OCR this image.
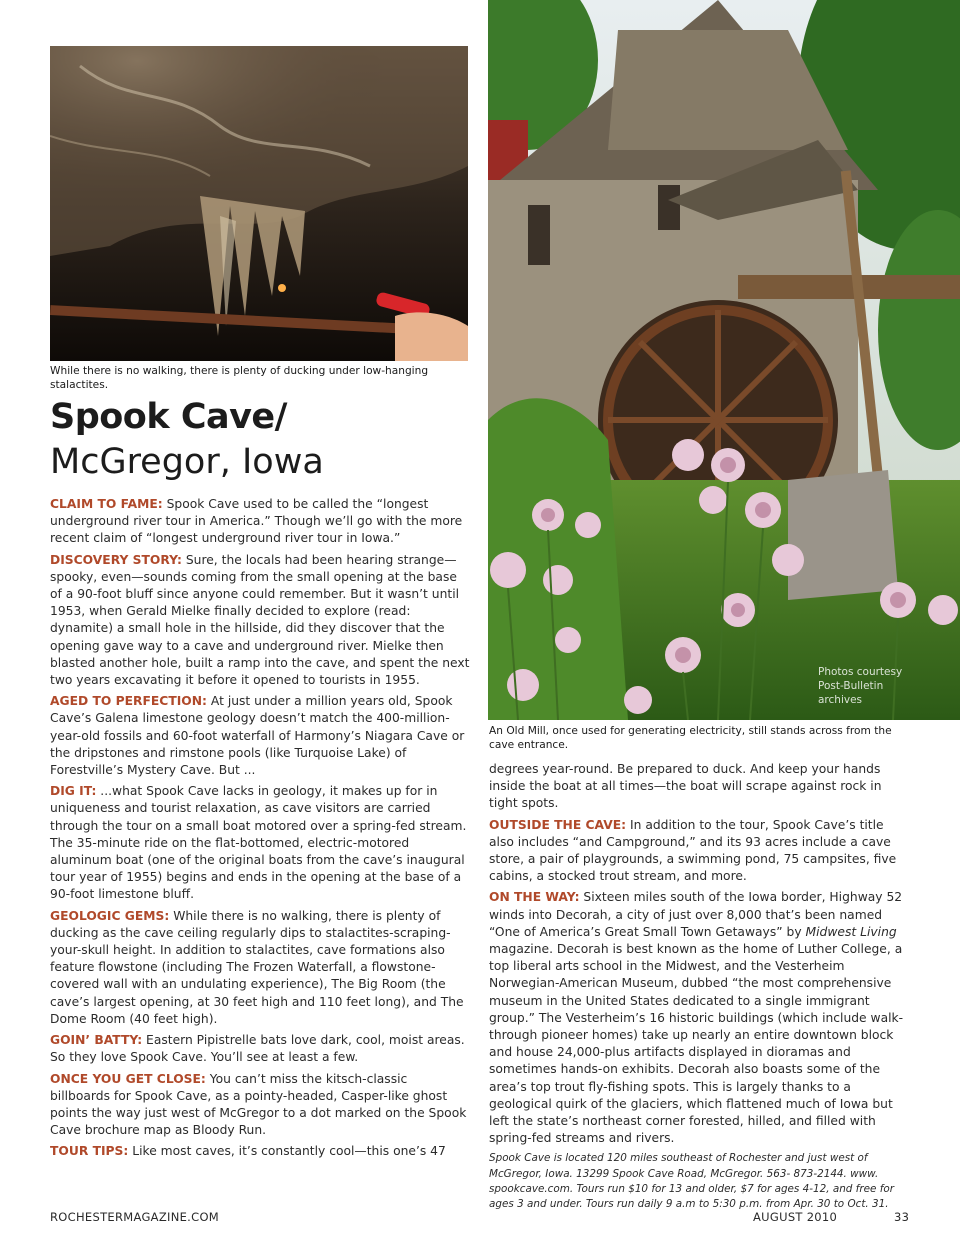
While there is no walking, there is plenty of ducking under low-hanging stalactites.
Photos courtesy
Post-Bulletin
archives
An Old Mill, once used for generating electricity, still stands across from the cave entrance.
Spook Cave/
McGregor, Iowa

CLAIM TO FAME: Spook Cave used to be called the “longest underground river tour in America.” Though we’ll go with the more recent claim of “longest underground river tour in Iowa.”

DISCOVERY STORY: Sure, the locals had been hearing strange—spooky, even—sounds coming from the small opening at the base of a 90-foot bluff since anyone could remember. But it wasn’t until 1953, when Gerald Mielke finally decided to explore (read: dynamite) a small hole in the hillside, did they discover that the opening gave way to a cave and underground river. Mielke then blasted another hole, built a ramp into the cave, and spent the next two years excavating it before it opened to tourists in 1955.

AGED TO PERFECTION: At just under a million years old, Spook Cave’s Galena limestone geology doesn’t match the 400-million-year-old fossils and 60-foot waterfall of Harmony’s Niagara Cave or the dripstones and rimstone pools (like Turquoise Lake) of Forestville’s Mystery Cave. But ...

DIG IT: ...what Spook Cave lacks in geology, it makes up for in uniqueness and tourist relaxation, as cave visitors are carried through the tour on a small boat motored over a spring-fed stream. The 35-minute ride on the flat-bottomed, electric-motored aluminum boat (one of the original boats from the cave’s inaugural tour year of 1955) begins and ends in the opening at the base of a 90-foot limestone bluff.

GEOLOGIC GEMS: While there is no walking, there is plenty of ducking as the cave ceiling regularly dips to stalactites-scraping-your-skull height. In addition to stalactites, cave formations also feature flowstone (including The Frozen Waterfall, a flowstone-covered wall with an undulating experience), The Big Room (the cave’s largest opening, at 30 feet high and 110 feet long), and The Dome Room (40 feet high).

GOIN’ BATTY: Eastern Pipistrelle bats love dark, cool, moist areas. So they love Spook Cave. You’ll see at least a few.

ONCE YOU GET CLOSE: You can’t miss the kitsch-classic billboards for Spook Cave, as a pointy-headed, Casper-like ghost points the way just west of McGregor to a dot marked on the Spook Cave brochure map as Bloody Run.

TOUR TIPS: Like most caves, it’s constantly cool—this one’s 47

degrees year-round. Be prepared to duck. And keep your hands inside the boat at all times—the boat will scrape against rock in tight spots.

OUTSIDE THE CAVE: In addition to the tour, Spook Cave’s title also includes “and Campground,” and its 93 acres include a cave store, a pair of playgrounds, a swimming pond, 75 campsites, five cabins, a stocked trout stream, and more.

ON THE WAY: Sixteen miles south of the Iowa border, Highway 52 winds into Decorah, a city of just over 8,000 that’s been named “One of America’s Great Small Town Getaways” by Midwest Living magazine. Decorah is best known as the home of Luther College, a top liberal arts school in the Midwest, and the Vesterheim Norwegian-American Museum, dubbed “the most comprehensive museum in the United States dedicated to a single immigrant group.” The Vesterheim’s 16 historic buildings (which include walk-through pioneer homes) take up nearly an entire downtown block and house 24,000-plus artifacts displayed in dioramas and sometimes hands-on exhibits. Decorah also boasts some of the area’s top trout fly-fishing spots. This is largely thanks to a geological quirk of the glaciers, which flattened much of Iowa but left the state’s northeast corner forested, hilled, and filled with spring-fed streams and rivers.

Spook Cave is located 120 miles southeast of Rochester and just west of McGregor, Iowa. 13299 Spook Cave Road, McGregor. 563- 873-2144. www. spookcave.com. Tours run $10 for 13 and older, $7 for ages 4-12, and free for ages 3 and under. Tours run daily 9 a.m to 5:30 p.m. from Apr. 30 to Oct. 31.

ROCHESTERMAGAZINE.COM	AUGUST 2010	33
